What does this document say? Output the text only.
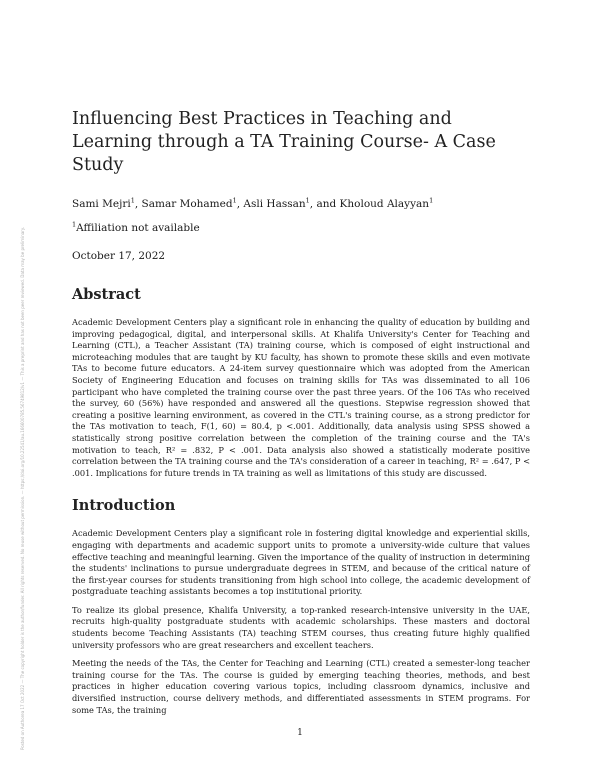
Posted on Authorea 17 Oct 2022 — The copyright holder is the author/funder. All rights reserved. No reuse without permission. — https://doi.org/10.22541/au.166600785.56749812/v1 — This a preprint and has not been peer reviewed. Data may be preliminary.
Influencing Best Practices in Teaching and Learning through a TA Training Course- A Case Study
Sami Mejri$^1$, Samar Mohamed$^1$, Asli Hassan$^1$, and Kholoud Alayyan$^1$
$^1$Affiliation not available
October 17, 2022
Abstract

Academic Development Centers play a significant role in enhancing the quality of education by building and improving pedagogical, digital, and interpersonal skills. At Khalifa University's Center for Teaching and Learning (CTL), a Teacher Assistant (TA) training course, which is composed of eight instructional and microteaching modules that are taught by KU faculty, has shown to promote these skills and even motivate TAs to become future educators. A 24-item survey questionnaire which was adopted from the American Society of Engineering Education and focuses on training skills for TAs was disseminated to all 106 participant who have completed the training course over the past three years. Of the 106 TAs who received the survey, 60 (56%) have responded and answered all the questions. Stepwise regression showed that creating a positive learning environment, as covered in the CTL's training course, as a strong predictor for the TAs motivation to teach, F(1, 60) = 80.4, p <.001. Additionally, data analysis using SPSS showed a statistically strong positive correlation between the completion of the training course and the TA's motivation to teach, R² = .832, P < .001. Data analysis also showed a statistically moderate positive correlation between the TA training course and the TA's consideration of a career in teaching, R² = .647, P < .001. Implications for future trends in TA training as well as limitations of this study are discussed.

Introduction

Academic Development Centers play a significant role in fostering digital knowledge and experiential skills, engaging with departments and academic support units to promote a university-wide culture that values effective teaching and meaningful learning. Given the importance of the quality of instruction in determining the students' inclinations to pursue undergraduate degrees in STEM, and because of the critical nature of the first-year courses for students transitioning from high school into college, the academic development of postgraduate teaching assistants becomes a top institutional priority.

To realize its global presence, Khalifa University, a top-ranked research-intensive university in the UAE, recruits high-quality postgraduate students with academic scholarships. These masters and doctoral students become Teaching Assistants (TA) teaching STEM courses, thus creating future highly qualified university professors who are great researchers and excellent teachers.

Meeting the needs of the TAs, the Center for Teaching and Learning (CTL) created a semester-long teacher training course for the TAs. The course is guided by emerging teaching theories, methods, and best practices in higher education covering various topics, including classroom dynamics, inclusive and diversified instruction, course delivery methods, and differentiated assessments in STEM programs. For some TAs, the training

1
